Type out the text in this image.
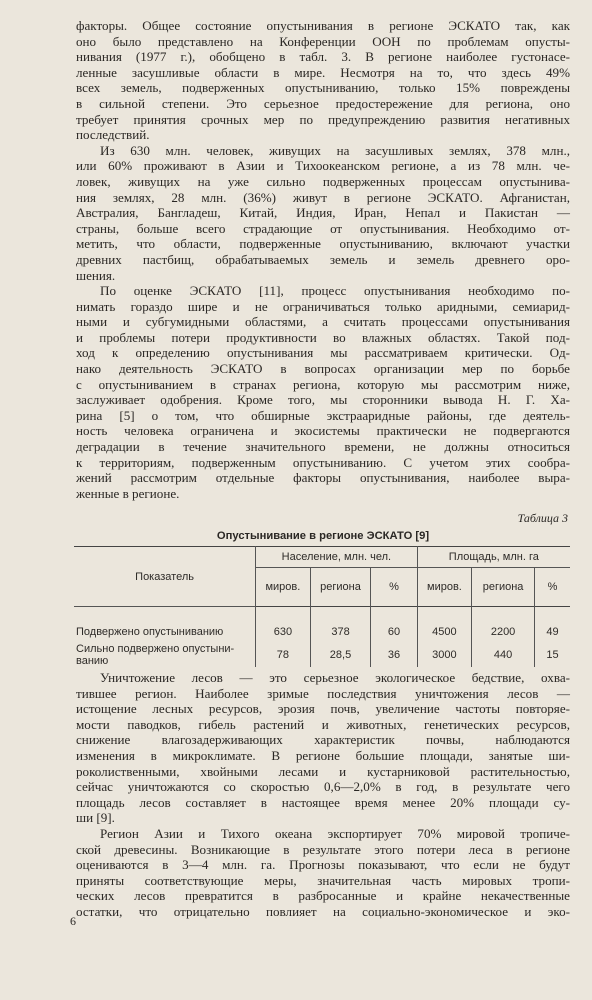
факторы. Общее состояние опустынивания в регионе ЭСКАТО так, как
оно было представлено на Конференции ООН по проблемам опусты-
нивания (1977 г.), обобщено в табл. 3. В регионе наиболее густонасе-
ленные засушливые области в мире. Несмотря на то, что здесь 49%
всех земель, подверженных опустыниванию, только 15% повреждены
в сильной степени. Это серьезное предостережение для региона, оно
требует принятия срочных мер по предупреждению развития негативных
последствий.
Из 630 млн. человек, живущих на засушливых землях, 378 млн.,
или 60% проживают в Азии и Тихоокеанском регионе, а из 78 млн. че-
ловек, живущих на уже сильно подверженных процессам опустынива-
ния землях, 28 млн. (36%) живут в регионе ЭСКАТО. Афганистан,
Австралия, Бангладеш, Китай, Индия, Иран, Непал и Пакистан —
страны, больше всего страдающие от опустынивания. Необходимо от-
метить, что области, подверженные опустыниванию, включают участки
древних пастбищ, обрабатываемых земель и земель древнего оро-
шения.
По оценке ЭСКАТО [11], процесс опустынивания необходимо по-
нимать гораздо шире и не ограничиваться только аридными, семиарид-
ными и субгумидными областями, а считать процессами опустынивания
и проблемы потери продуктивности во влажных областях. Такой под-
ход к определению опустынивания мы рассматриваем критически. Од-
нако деятельность ЭСКАТО в вопросах организации мер по борьбе
с опустыниванием в странах региона, которую мы рассмотрим ниже,
заслуживает одобрения. Кроме того, мы сторонники вывода Н. Г. Ха-
рина [5] о том, что обширные экстрааридные районы, где деятель-
ность человека ограничена и экосистемы практически не подвергаются
деградации в течение значительного времени, не должны относиться
к территориям, подверженным опустыниванию. С учетом этих сообра-
жений рассмотрим отдельные факторы опустынивания, наиболее выра-
женные в регионе.
Таблица 3
Опустынивание в регионе ЭСКАТО [9]
Показатель	Население, млн. чел.			Площадь, млн. га		
	миров.	региона	%	миров.	региона	%
Подвержено опустыниванию	630	378	60	4500	2200	49
Сильно подвержено опустыни-ванию	78	28,5	36	3000	440	15
Уничтожение лесов — это серьезное экологическое бедствие, охва-
тившее регион. Наиболее зримые последствия уничтожения лесов —
истощение лесных ресурсов, эрозия почв, увеличение частоты повторяе-
мости паводков, гибель растений и животных, генетических ресурсов,
снижение влагозадерживающих характеристик почвы, наблюдаются
изменения в микроклимате. В регионе большие площади, занятые ши-
роколиственными, хвойными лесами и кустарниковой растительностью,
сейчас уничтожаются со скоростью 0,6—2,0% в год, в результате чего
площадь лесов составляет в настоящее время менее 20% площади су-
ши [9].
Регион Азии и Тихого океана экспортирует 70% мировой тропиче-
ской древесины. Возникающие в результате этого потери леса в регионе
оцениваются в 3—4 млн. га. Прогнозы показывают, что если не будут
приняты соответствующие меры, значительная часть мировых тропи-
ческих лесов превратится в разбросанные и крайне некачественные
остатки, что отрицательно повлияет на социально-экономическое и эко-
6
